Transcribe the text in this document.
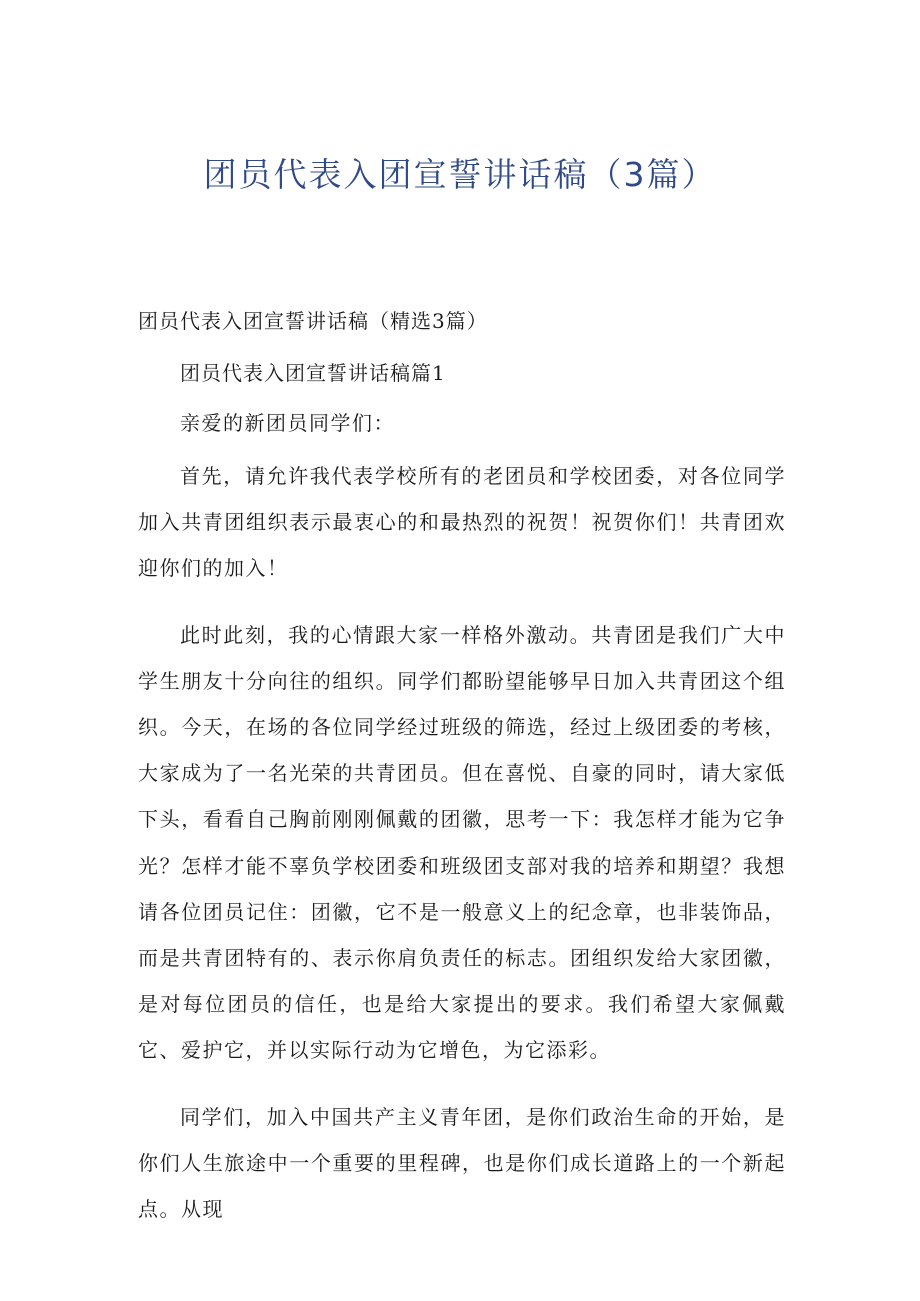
团员代表入团宣誓讲话稿（3篇）

团员代表入团宣誓讲话稿（精选3篇）

团员代表入团宣誓讲话稿篇1

亲爱的新团员同学们：

首先，请允许我代表学校所有的老团员和学校团委，对各位同学加入共青团组织表示最衷心的和最热烈的祝贺！祝贺你们！共青团欢迎你们的加入！

此时此刻，我的心情跟大家一样格外激动。共青团是我们广大中学生朋友十分向往的组织。同学们都盼望能够早日加入共青团这个组织。今天，在场的各位同学经过班级的筛选，经过上级团委的考核，大家成为了一名光荣的共青团员。但在喜悦、自豪的同时，请大家低下头，看看自己胸前刚刚佩戴的团徽，思考一下：我怎样才能为它争光？怎样才能不辜负学校团委和班级团支部对我的培养和期望？我想请各位团员记住：团徽，它不是一般意义上的纪念章，也非装饰品，而是共青团特有的、表示你肩负责任的标志。团组织发给大家团徽，是对每位团员的信任，也是给大家提出的要求。我们希望大家佩戴它、爱护它，并以实际行动为它增色，为它添彩。

同学们，加入中国共产主义青年团，是你们政治生命的开始，是你们人生旅途中一个重要的里程碑，也是你们成长道路上的一个新起点。从现
